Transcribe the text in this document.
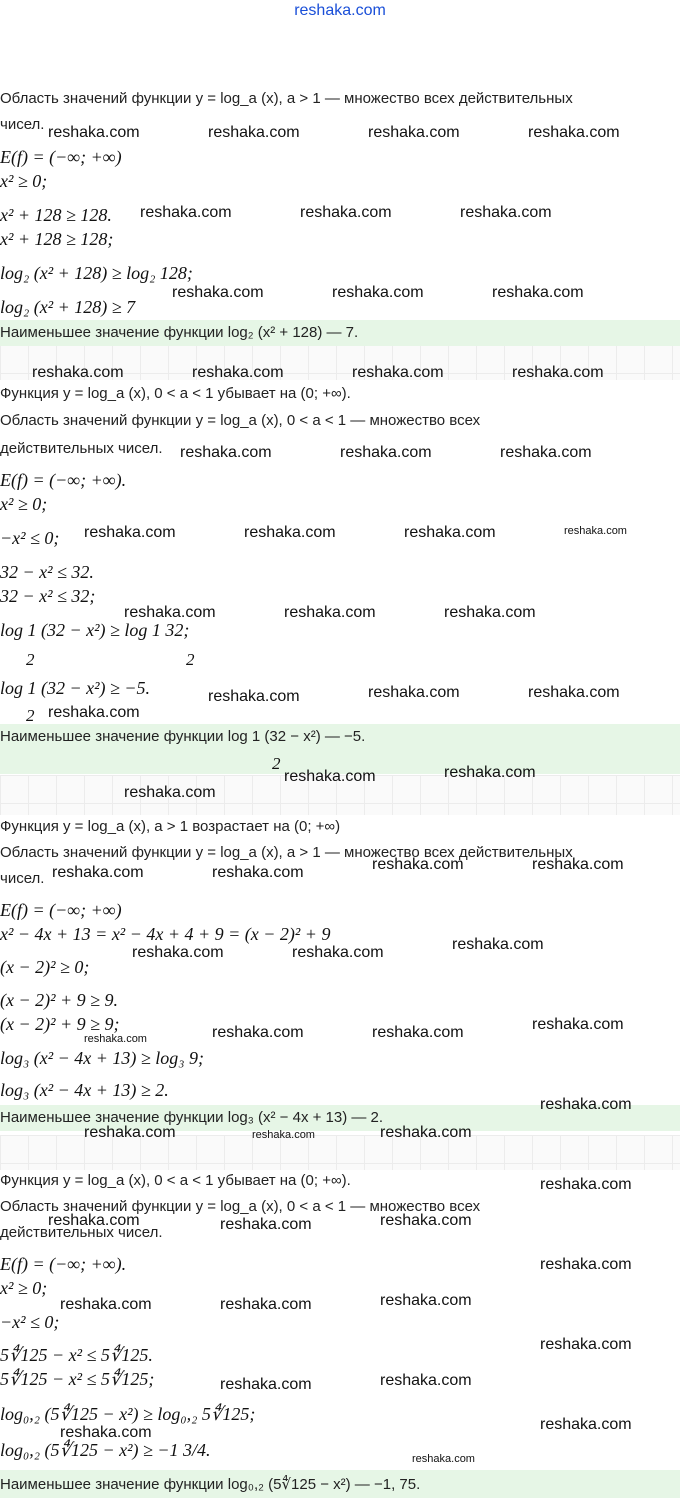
reshaka.com
Область значений функции y = log_a (x), a > 1 — множество всех действительных
чисел.
E(f) = (−∞; +∞)
x² ≥ 0;
x² + 128 ≥ 128.
x² + 128 ≥ 128;
log₂ (x² + 128) ≥ log₂ 128;
log₂ (x² + 128) ≥ 7
Наименьшее значение функции log₂ (x² + 128) — 7.
Функция y = log_a (x), 0 < a < 1 убывает на (0; +∞).
Область значений функции y = log_a (x), 0 < a < 1 — множество всех
действительных чисел.
E(f) = (−∞; +∞).
x² ≥ 0;
−x² ≤ 0;
32 − x² ≤ 32.
32 − x² ≤ 32;
log 1 (32 − x²) ≥ log 1 32;
2	2
log 1 (32 − x²) ≥ −5.
2
Наименьшее значение функции log 1 (32 − x²) — −5.
2
Функция y = log_a (x), a > 1 возрастает на (0; +∞)
Область значений функции y = log_a (x), a > 1 — множество всех действительных
чисел.
E(f) = (−∞; +∞)
x² − 4x + 13 = x² − 4x + 4 + 9 = (x − 2)² + 9
(x − 2)² ≥ 0;
(x − 2)² + 9 ≥ 9.
(x − 2)² + 9 ≥ 9;
log₃ (x² − 4x + 13) ≥ log₃ 9;
log₃ (x² − 4x + 13) ≥ 2.
Наименьшее значение функции log₃ (x² − 4x + 13) — 2.
Функция y = log_a (x), 0 < a < 1 убывает на (0; +∞).
Область значений функции y = log_a (x), 0 < a < 1 — множество всех
действительных чисел.
E(f) = (−∞; +∞).
x² ≥ 0;
−x² ≤ 0;
5∜125 − x² ≤ 5∜125.
5∜125 − x² ≤ 5∜125;
log₀,₂ (5∜125 − x²) ≥ log₀,₂ 5∜125;
log₀,₂ (5∜125 − x²) ≥ −1 3/4.
Наименьшее значение функции log₀,₂ (5∜125 − x²) — −1, 75.
reshaka.com	reshaka.com	reshaka.com	reshaka.com
reshaka.com	reshaka.com	reshaka.com
reshaka.com	reshaka.com	reshaka.com
reshaka.com	reshaka.com	reshaka.com	reshaka.com
reshaka.com	reshaka.com	reshaka.com
reshaka.com	reshaka.com	reshaka.com	reshaka.com
reshaka.com	reshaka.com	reshaka.com
reshaka.com	reshaka.com	reshaka.com
reshaka.com
reshaka.com	reshaka.com
reshaka.com
reshaka.com	reshaka.com	reshaka.com	reshaka.com
reshaka.com
reshaka.com	reshaka.com
reshaka.com	reshaka.com	reshaka.com
reshaka.com
reshaka.com
reshaka.com	reshaka.com	reshaka.com
reshaka.com
reshaka.com	reshaka.com	reshaka.com
reshaka.com
reshaka.com	reshaka.com	reshaka.com
reshaka.com
reshaka.com	reshaka.com
reshaka.com
reshaka.com
reshaka.com
